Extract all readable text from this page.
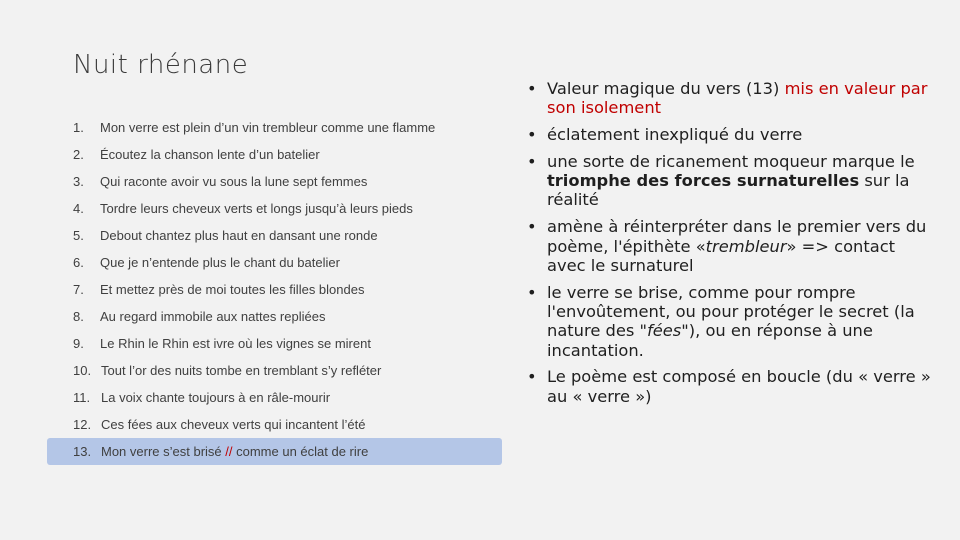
Nuit rhénane
1. Mon verre est plein d’un vin trembleur comme une flamme
2. Écoutez la chanson lente d’un batelier
3. Qui raconte avoir vu sous la lune sept femmes
4. Tordre leurs cheveux verts et longs jusqu’à leurs pieds
5. Debout chantez plus haut en dansant une ronde
6. Que je n’entende plus le chant du batelier
7. Et mettez près de moi toutes les filles blondes
8. Au regard immobile aux nattes repliées
9. Le Rhin le Rhin est ivre où les vignes se mirent
10. Tout l’or des nuits tombe en tremblant s’y refléter
11. La voix chante toujours à en râle-mourir
12. Ces fées aux cheveux verts qui incantent l’été
13. Mon verre s’est brisé // comme un éclat de rire
• Valeur magique du vers (13) mis en valeur par son isolement
• éclatement inexpliqué du verre
• une sorte de ricanement moqueur marque le triomphe des forces surnaturelles sur la réalité
• amène à réinterpréter dans le premier vers du poème, l'épithète «trembleur» => contact avec le surnaturel
• le verre se brise, comme pour rompre l'envoûtement, ou pour protéger le secret (la nature des "fées"), ou en réponse à une incantation.
• Le poème est composé en boucle (du « verre » au « verre »)
